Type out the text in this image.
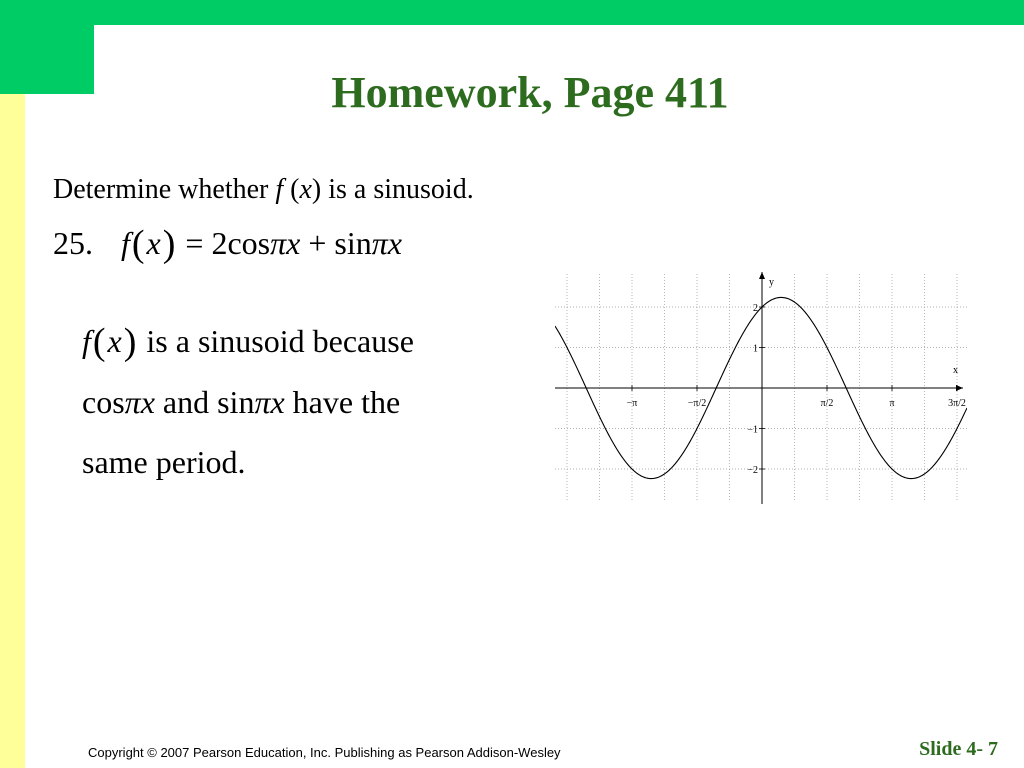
Homework, Page 411
Determine whether f (x) is a sinusoid.
25. f(x) = 2cosπx + sinπx
f(x) is a sinusoid because
cosπx and sinπx have the
same period.
x
y
−π	−π/2	π/2	π	3π/2
2
1
−1
−2
Copyright © 2007 Pearson Education, Inc. Publishing as Pearson Addison-Wesley	Slide 4- 7
